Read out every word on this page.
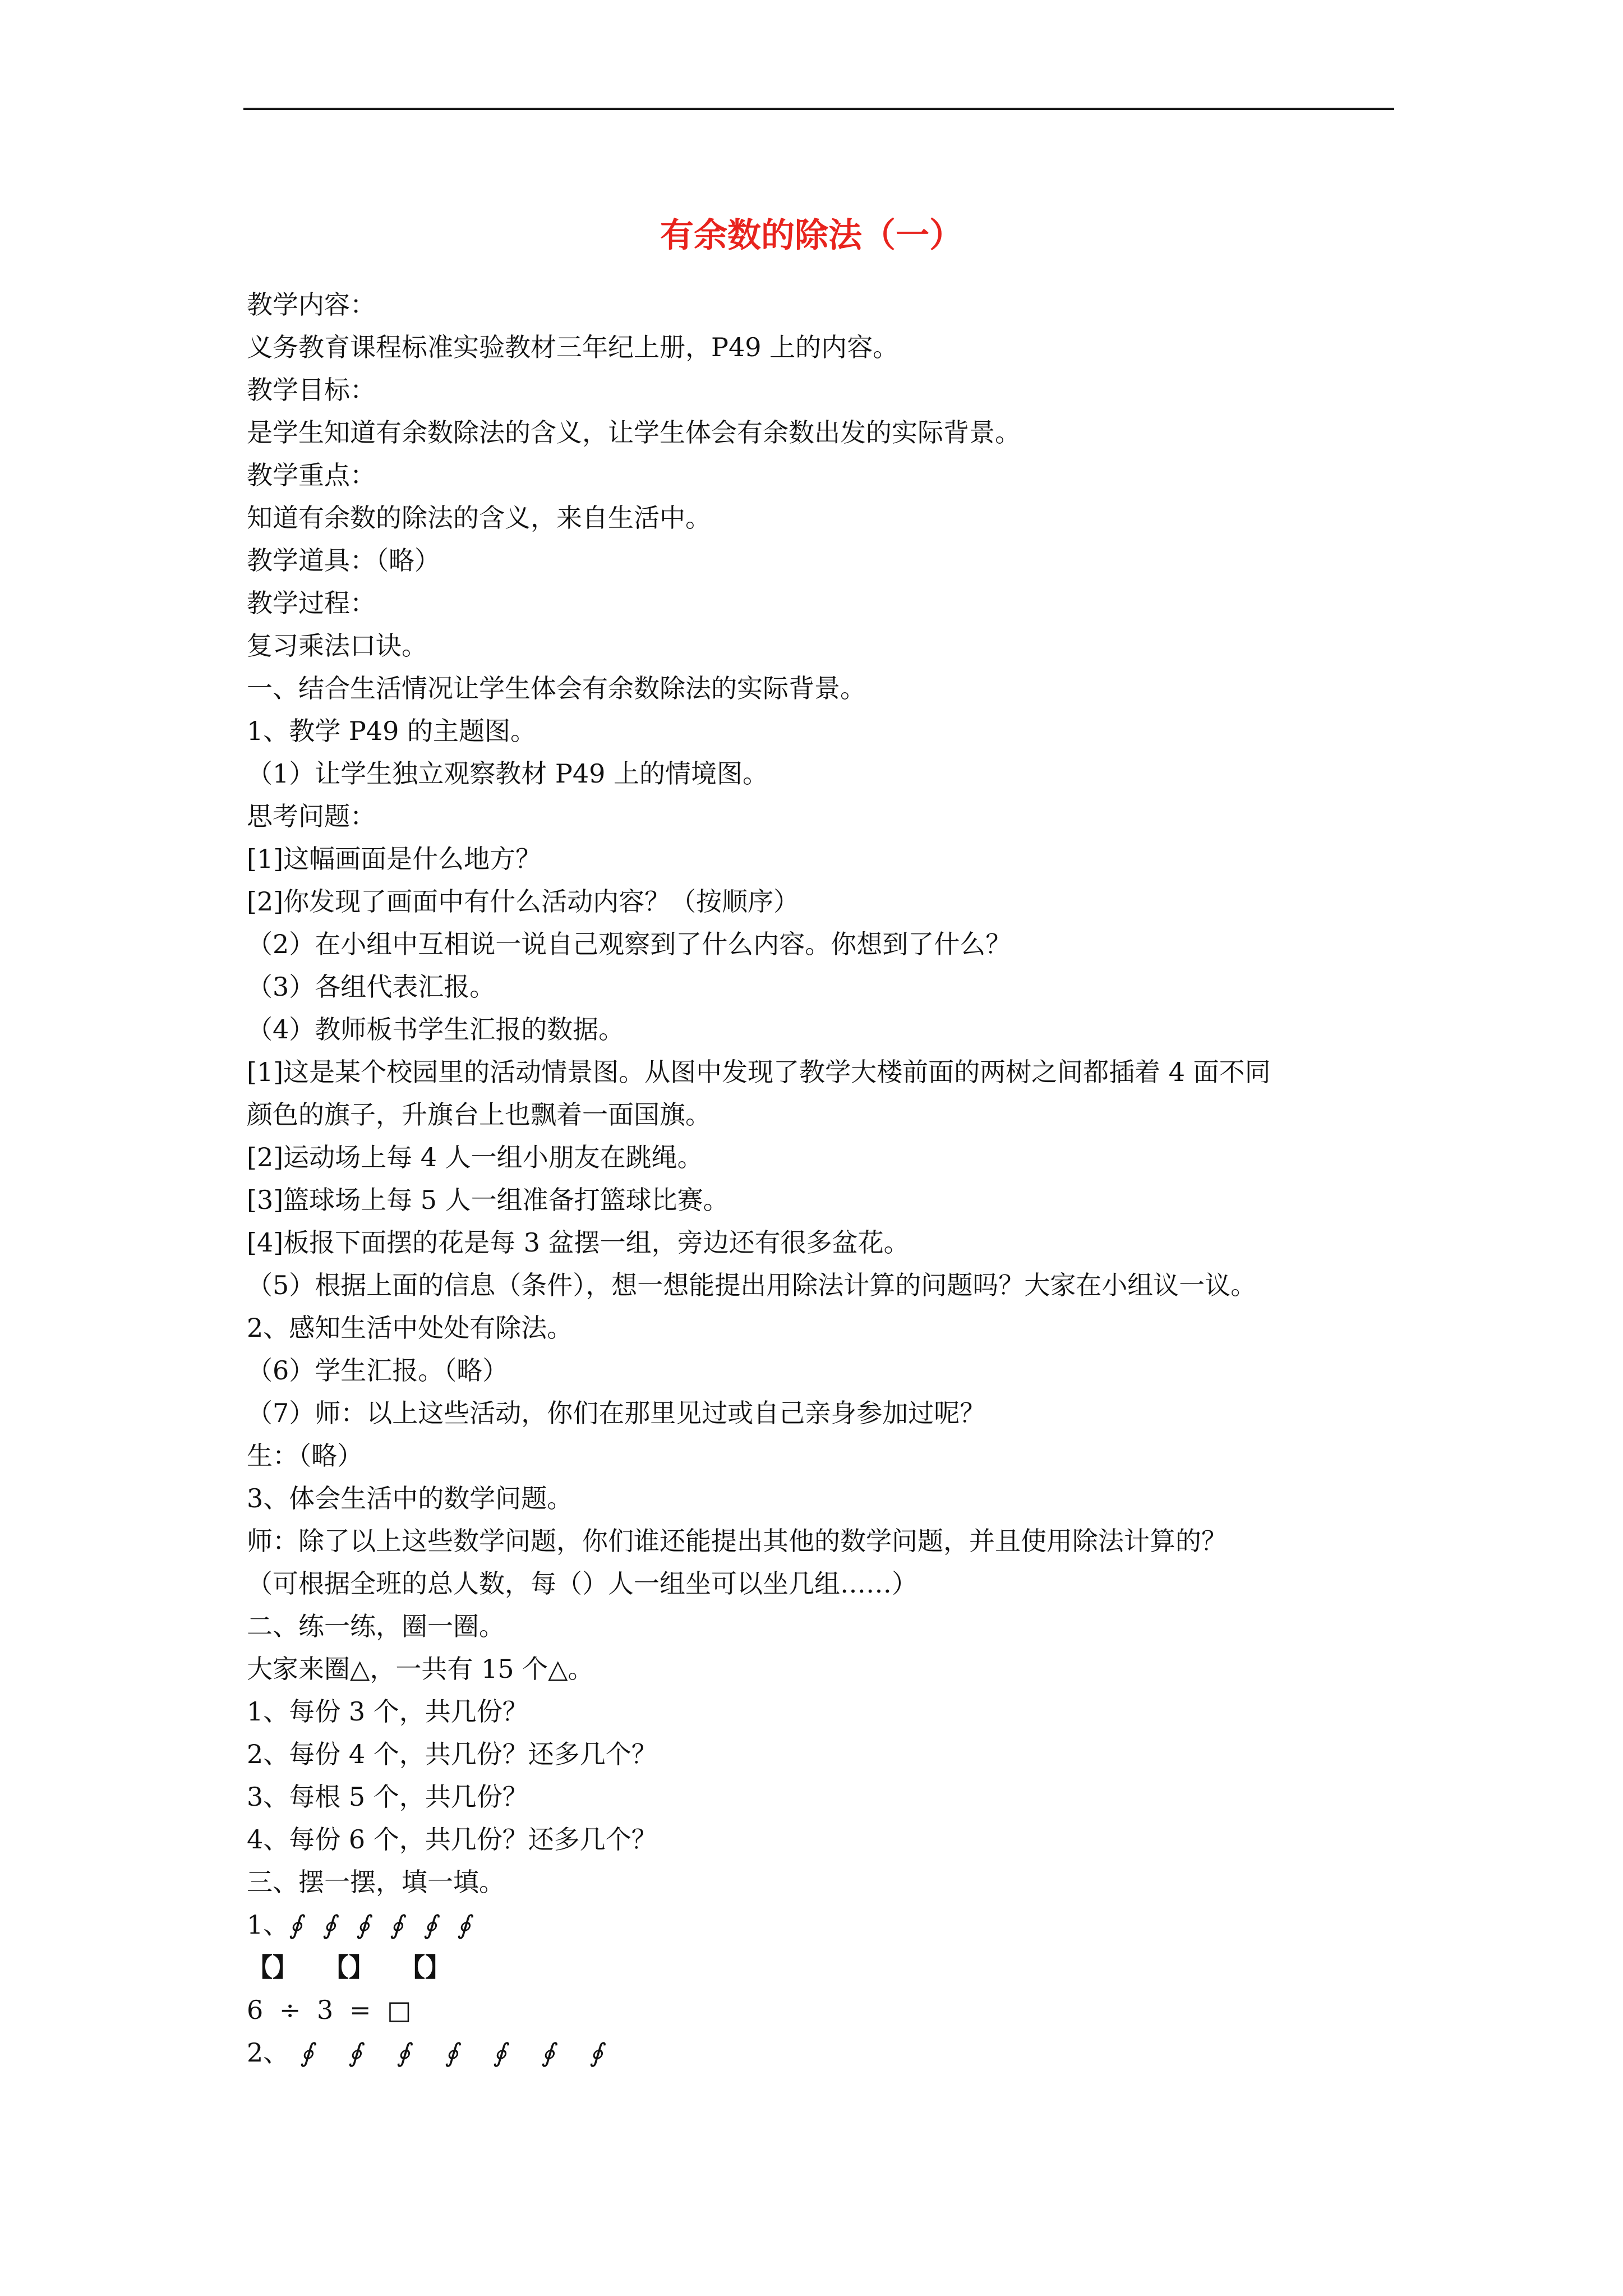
有余数的除法（一）
教学内容：
义务教育课程标准实验教材三年纪上册，P49 上的内容。
教学目标：
是学生知道有余数除法的含义，让学生体会有余数出发的实际背景。
教学重点：
知道有余数的除法的含义，来自生活中。
教学道具：（略）
教学过程：
复习乘法口诀。
一、结合生活情况让学生体会有余数除法的实际背景。
1、教学 P49 的主题图。
（1）让学生独立观察教材 P49 上的情境图。
思考问题：
[1]这幅画面是什么地方？
[2]你发现了画面中有什么活动内容？（按顺序）
（2）在小组中互相说一说自己观察到了什么内容。你想到了什么？
（3）各组代表汇报。
（4）教师板书学生汇报的数据。
[1]这是某个校园里的活动情景图。从图中发现了教学大楼前面的两树之间都插着 4 面不同
颜色的旗子，升旗台上也飘着一面国旗。
[2]运动场上每 4 人一组小朋友在跳绳。
[3]篮球场上每 5 人一组准备打篮球比赛。
[4]板报下面摆的花是每 3 盆摆一组，旁边还有很多盆花。
（5）根据上面的信息（条件），想一想能提出用除法计算的问题吗？大家在小组议一议。
2、感知生活中处处有除法。
（6）学生汇报。（略）
（7）师：以上这些活动，你们在那里见过或自己亲身参加过呢？
生：（略）
3、体会生活中的数学问题。
师：除了以上这些数学问题，你们谁还能提出其他的数学问题，并且使用除法计算的？
（可根据全班的总人数，每（）人一组坐可以坐几组……）
二、练一练，圈一圈。
大家来圈△，一共有 15 个△。
1、每份 3 个，共几份？
2、每份 4 个，共几份？还多几个？
3、每根 5 个，共几份？
4、每份 6 个，共几份？还多几个？
三、摆一摆，填一填。
1、∮ ∮ ∮ ∮ ∮ ∮
【】 【】 【】
6 ÷ 3 = □
2、 ∮ ∮ ∮ ∮ ∮ ∮ ∮
